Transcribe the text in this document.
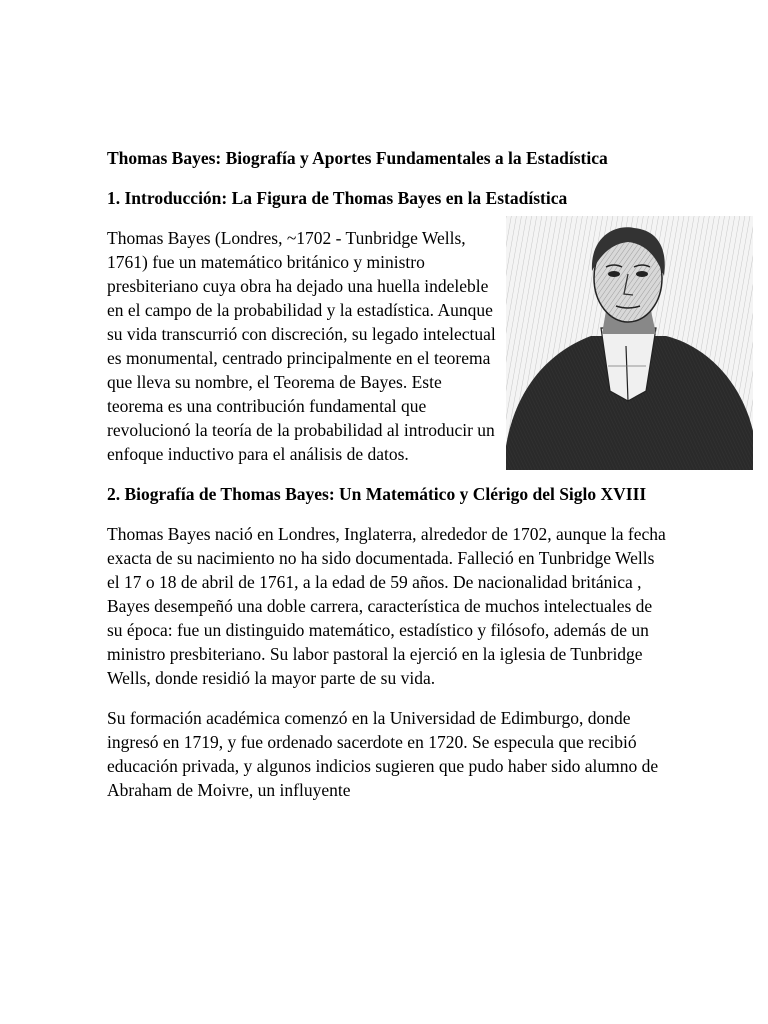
Thomas Bayes: Biografía y Aportes Fundamentales a la Estadística
1. Introducción: La Figura de Thomas Bayes en la Estadística
Thomas Bayes (Londres, ~1702 - Tunbridge Wells, 1761) fue un matemático británico y ministro presbiteriano cuya obra ha dejado una huella indeleble en el campo de la probabilidad y la estadística. Aunque su vida transcurrió con discreción, su legado intelectual es monumental, centrado principalmente en el teorema que lleva su nombre, el Teorema de Bayes. Este teorema es una contribución fundamental que revolucionó la teoría de la probabilidad al introducir un enfoque inductivo para el análisis de datos.
2. Biografía de Thomas Bayes: Un Matemático y Clérigo del Siglo XVIII
Thomas Bayes nació en Londres, Inglaterra, alrededor de 1702, aunque la fecha exacta de su nacimiento no ha sido documentada. Falleció en Tunbridge Wells el 17 o 18 de abril de 1761, a la edad de 59 años. De nacionalidad británica , Bayes desempeñó una doble carrera, característica de muchos intelectuales de su época: fue un distinguido matemático, estadístico y filósofo, además de un ministro presbiteriano. Su labor pastoral la ejerció en la iglesia de Tunbridge Wells, donde residió la mayor parte de su vida.
Su formación académica comenzó en la Universidad de Edimburgo, donde ingresó en 1719, y fue ordenado sacerdote en 1720. Se especula que recibió educación privada, y algunos indicios sugieren que pudo haber sido alumno de Abraham de Moivre, un influyente
